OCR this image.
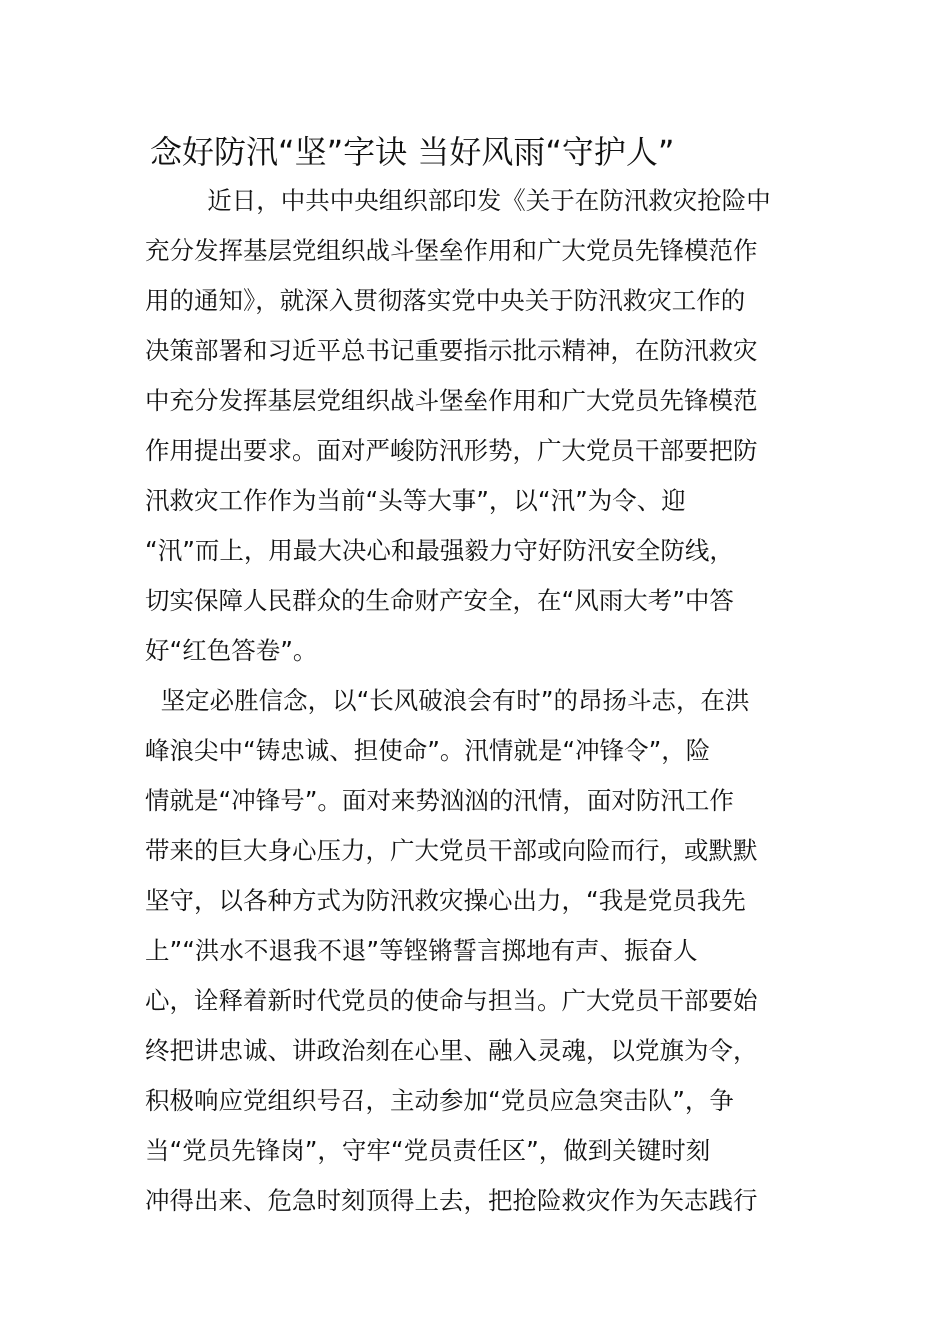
念好防汛“坚”字诀 当好风雨“守护人”
近日，中共中央组织部印发《关于在防汛救灾抢险中
充分发挥基层党组织战斗堡垒作用和广大党员先锋模范作
用的通知》，就深入贯彻落实党中央关于防汛救灾工作的
决策部署和习近平总书记重要指示批示精神，在防汛救灾
中充分发挥基层党组织战斗堡垒作用和广大党员先锋模范
作用提出要求。面对严峻防汛形势，广大党员干部要把防
汛救灾工作作为当前“头等大事”，以“汛”为令、迎
“汛”而上，用最大决心和最强毅力守好防汛安全防线，
切实保障人民群众的生命财产安全，在“风雨大考”中答
好“红色答卷”。
坚定必胜信念，以“长风破浪会有时”的昂扬斗志，在洪
峰浪尖中“铸忠诚、担使命”。汛情就是“冲锋令”，险
情就是“冲锋号”。面对来势汹汹的汛情，面对防汛工作
带来的巨大身心压力，广大党员干部或向险而行，或默默
坚守，以各种方式为防汛救灾操心出力，“我是党员我先
上”“洪水不退我不退”等铿锵誓言掷地有声、振奋人
心，诠释着新时代党员的使命与担当。广大党员干部要始
终把讲忠诚、讲政治刻在心里、融入灵魂，以党旗为令，
积极响应党组织号召，主动参加“党员应急突击队”，争
当“党员先锋岗”，守牢“党员责任区”，做到关键时刻
冲得出来、危急时刻顶得上去，把抢险救灾作为矢志践行
